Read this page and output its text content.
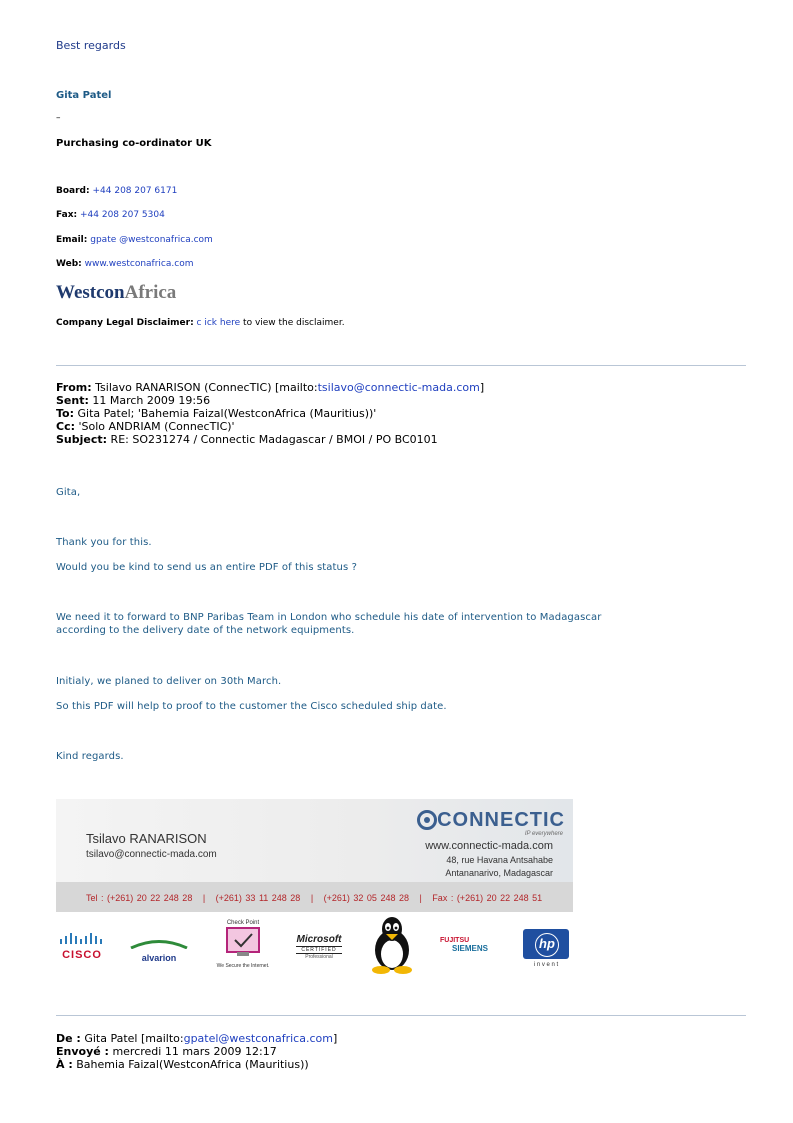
Best regards
Gita Patel
–
Purchasing co-ordinator UK
Board: +44 208 207 6171
Fax: +44 208 207 5304
Email: gpate @westconafrica.com
Web: www.westconafrica.com
WestconAfrica
Company Legal Disclaimer: c ick here to view the disclaimer.
From: Tsilavo RANARISON (ConnecTIC) [mailto:tsilavo@connectic-mada.com]
Sent: 11 March 2009 19:56
To: Gita Patel; 'Bahemia Faizal(WestconAfrica (Mauritius))'
Cc: 'Solo ANDRIAM (ConnecTIC)'
Subject: RE: SO231274 / Connectic Madagascar / BMOI / PO BC0101
Gita,
Thank you for this.
Would you be kind to send us an entire PDF of this status ?
We need it to forward to BNP Paribas Team in London who schedule his date of intervention to Madagascar
according to the delivery date of the network equipments.
Initialy, we planed to deliver on 30th March.
So this PDF will help to proof to the customer the Cisco scheduled ship date.
Kind regards.
Tsilavo RANARISON
tsilavo@connectic-mada.com
CONNECTIC
IP everywhere
www.connectic-mada.com
48, rue Havana Antsahabe
Antananarivo, Madagascar
Tel : (+261) 20 22 248 28   |   (+261) 33 11 248 28   |   (+261) 32 05 248 28   |   Fax : (+261) 20 22 248 51
CISCO	alvarion
Check Point
We Secure the Internet.
Microsoft
CERTIFIED
Professional
FUJITSU
SIEMENS	hp
i n v e n t
De : Gita Patel [mailto:gpatel@westconafrica.com]
Envoyé : mercredi 11 mars 2009 12:17
À : Bahemia Faizal(WestconAfrica (Mauritius))
